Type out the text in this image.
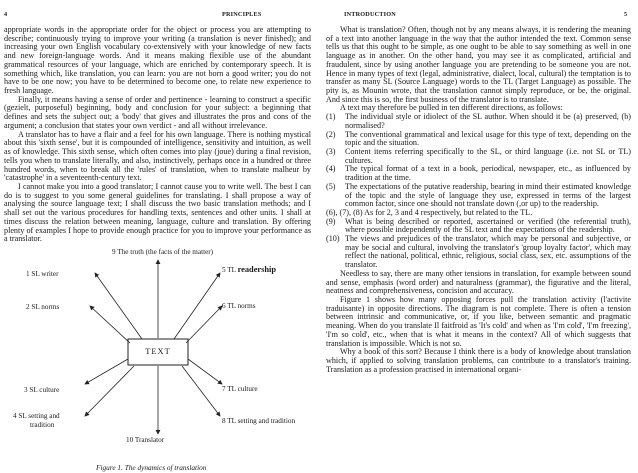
4	PRINCIPLES

appropriate words in the appropriate order for the object or process you are attempting to describe; continuously trying to improve your writing (a translation is never finished); and increasing your own English vocabulary co-extensively with your knowledge of new facts and new foreign-language words. And it means making flexible use of the abundant grammatical resources of your language, which are enriched by contemporary speech. It is something which, like translation, you can learn: you are not born a good writer; you do not have to be one now; you have to be determined to become one, to relate new experience to fresh language.

Finally, it means having a sense of order and pertinence - learning to construct a specific (gezielt, purposeful) beginning, body and conclusion for your subject: a beginning that defines and sets the subject out; a 'body' that gives and illustrates the pros and cons of the argument; a conclusion that states your own verdict - and all without irrelevance.

A translator has to have a flair and a feel for his own language. There is nothing mystical about this 'sixth sense', but it is compounded of intelligence, sensitivity and intuition, as well as of knowledge. This sixth sense, which often comes into play (joue) during a final revision, tells you when to translate literally, and also, instinctively, perhaps once in a hundred or three hundred words, when to break all the 'rules' of translation, when to translate malheur by 'catastrophe' in a seventeenth-century text.

I cannot make you into a good translator; I cannot cause you to write well. The best I can do is to suggest to you some general guidelines for translating. I shall propose a way of analysing the source language text; I shall discuss the two basic translation methods; and I shall set out the various procedures for handling texts, sentences and other units. I shall at times discuss the relation between meaning, language, culture and translation. By offering plenty of examples I hope to provide enough practice for you to improve your performance as a translator.

9 The truth (the facts of the matter)
1 SL writer
2 SL norms
3 SL culture
4 SL setting and
tradition
10 Translator
5 TL readership
6 TL norms
7 TL culture
8 TL setting and tradition
TEXT
Figure 1. The dynamics of translation
INTRODUCTION	5

What is translation? Often, though not by any means always, it is rendering the meaning of a text into another language in the way that the author intended the text. Common sense tells us that this ought to be simple, as one ought to be able to say something as well in one language as in another. On the other hand, you may see it as complicated, artificial and fraudulent, since by using another language you are pretending to be someone you are not. Hence in many types of text (legal, administrative, dialect, local, cultural) the temptation is to transfer as many SL (Source Language) words to the TL (Target Language) as possible. The pity is, as Mounin wrote, that the translation cannot simply reproduce, or be, the original. And since this is so, the first business of the translator is to translate.

A text may therefore be pulled in ten different directions, as follows:

(1) The individual style or idiolect of the SL author. When should it be (a) preserved, (b) normalised?
(2) The conventional grammatical and lexical usage for this type of text, depending on the topic and the situation.
(3) Content items referring specifically to the SL, or third language (i.e. not SL or TL) cultures.
(4) The typical format of a text in a book, periodical, newspaper, etc., as influenced by tradition at the time.
(5) The expectations of the putative readership, bearing in mind their estimated knowledge of the topic and the style of language they use, expressed in terms of the largest common factor, since one should not translate down (,or up) to the readership.
(6), (7), (8) As for 2, 3 and 4 respectively, but related to the TL.
(9) What is being described or reported, ascertained or verified (the referential truth), where possible independently of the SL text and the expectations of the readership.
(10) The views and prejudices of the translator, which may be personal and subjective, or may be social and cultural, involving the translator's 'group loyalty factor', which may reflect the national, political, ethnic, religious, social class, sex, etc. assumptions of the translator.

Needless to say, there are many other tensions in translation, for example between sound and sense, emphasis (word order) and naturalness (grammar), the figurative and the literal, neatness and comprehensiveness, concision and accuracy.

Figure 1 shows how many opposing forces pull the translation activity (l'activite traduisante) in opposite directions. The diagram is not complete. There is often a tension between intrinsic and communicative, or, if you like, between semantic and pragmatic meaning. When do you translate Il faitfroid as 'It's cold' and when as 'I'm cold', 'I'm freezing', 'I'm so cold', etc., when that is what it means in the context? All of which suggests that translation is impossible. Which is not so.

Why a book of this sort? Because I think there is a body of knowledge about translation which, if applied to solving translation problems, can contribute to a translator's training. Translation as a profession practised in international organi-
